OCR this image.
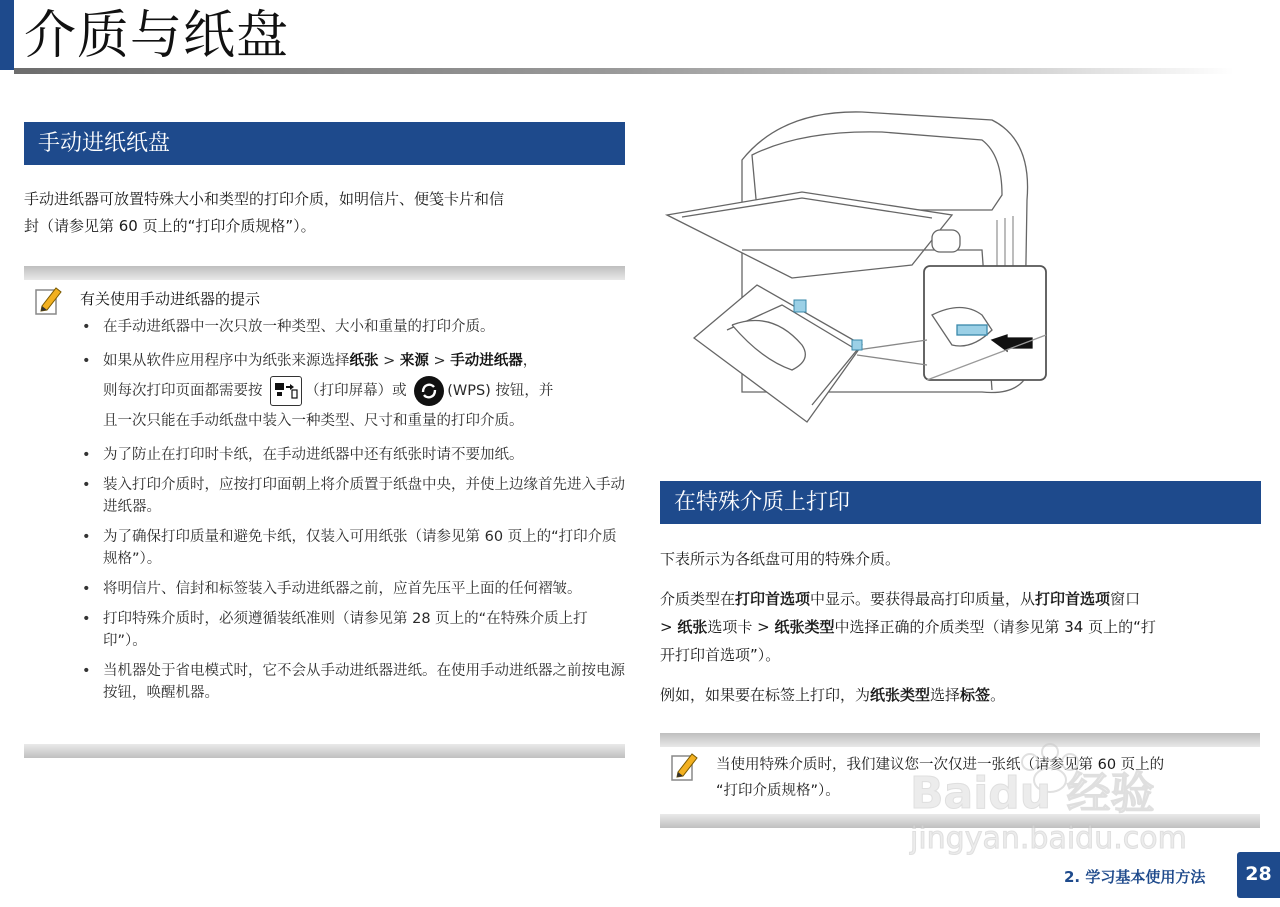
介质与纸盘
手动进纸纸盘
手动进纸器可放置特殊大小和类型的打印介质，如明信片、便笺卡片和信
封（请参见第 60 页上的“打印介质规格”）。
有关使用手动进纸器的提示
• 在手动进纸器中一次只放一种类型、大小和重量的打印介质。
• 如果从软件应用程序中为纸张来源选择纸张 > 来源 > 手动进纸器，
则每次打印页面都需要按	（打印屏幕）或	(WPS) 按钮，并
且一次只能在手动纸盘中装入一种类型、尺寸和重量的打印介质。
• 为了防止在打印时卡纸，在手动进纸器中还有纸张时请不要加纸。
• 装入打印介质时，应按打印面朝上将介质置于纸盘中央，并使上边缘首先进入手动进纸器。
• 为了确保打印质量和避免卡纸，仅装入可用纸张（请参见第 60 页上的“打印介质规格”）。
• 将明信片、信封和标签装入手动进纸器之前，应首先压平上面的任何褶皱。
• 打印特殊介质时，必须遵循装纸准则（请参见第 28 页上的“在特殊介质上打印”）。
• 当机器处于省电模式时，它不会从手动进纸器进纸。在使用手动进纸器之前按电源按钮，唤醒机器。
在特殊介质上打印
下表所示为各纸盘可用的特殊介质。
介质类型在打印首选项中显示。要获得最高打印质量，从打印首选项窗口
> 纸张选项卡 > 纸张类型中选择正确的介质类型（请参见第 34 页上的“打
开打印首选项”）。
例如，如果要在标签上打印，为纸张类型选择标签。
当使用特殊介质时，我们建议您一次仅进一张纸（请参见第 60 页上的
“打印介质规格”）。	Baidu 经验
jingyan.baidu.com
2. 学习基本使用方法	28
